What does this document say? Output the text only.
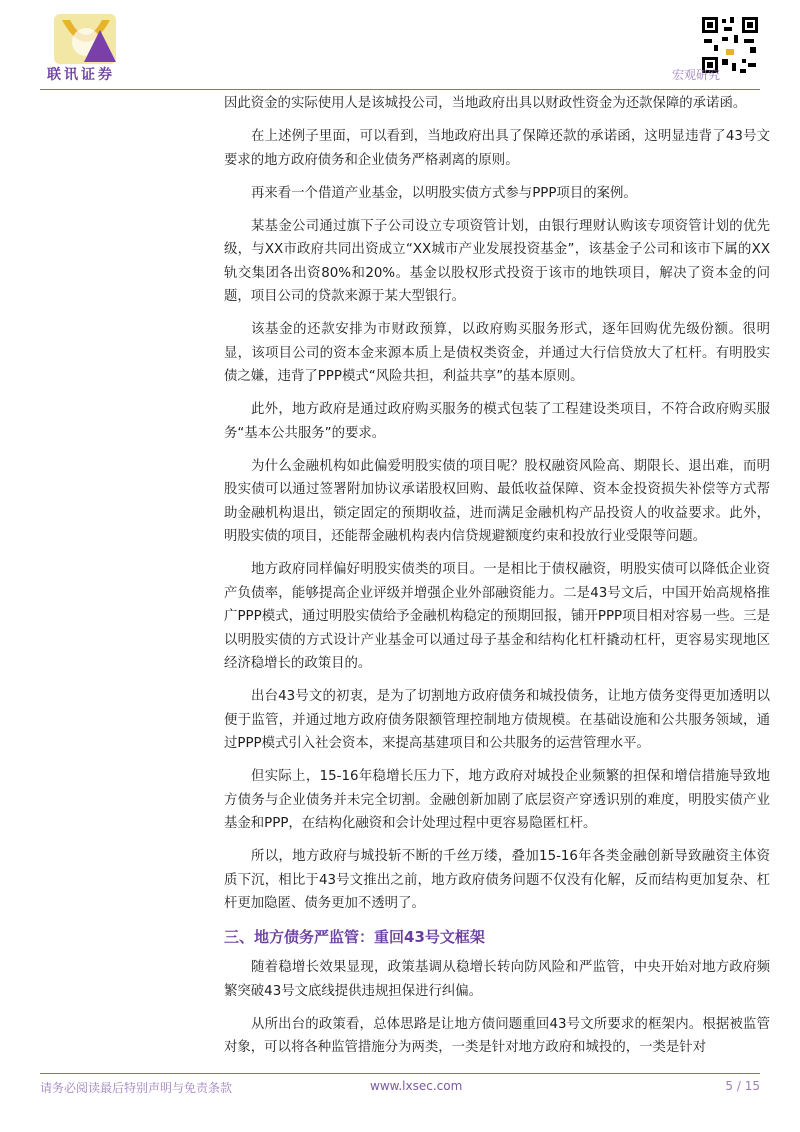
联讯证券	宏观研究

因此资金的实际使用人是该城投公司，当地政府出具以财政性资金为还款保障的承诺函。

在上述例子里面，可以看到，当地政府出具了保障还款的承诺函，这明显违背了43号文要求的地方政府债务和企业债务严格剥离的原则。

再来看一个借道产业基金，以明股实债方式参与PPP项目的案例。

某基金公司通过旗下子公司设立专项资管计划，由银行理财认购该专项资管计划的优先级，与XX市政府共同出资成立“XX城市产业发展投资基金”，该基金子公司和该市下属的XX轨交集团各出资80%和20%。基金以股权形式投资于该市的地铁项目，解决了资本金的问题，项目公司的贷款来源于某大型银行。

该基金的还款安排为市财政预算，以政府购买服务形式，逐年回购优先级份额。很明显，该项目公司的资本金来源本质上是债权类资金，并通过大行信贷放大了杠杆。有明股实债之嫌，违背了PPP模式“风险共担，利益共享”的基本原则。

此外，地方政府是通过政府购买服务的模式包装了工程建设类项目，不符合政府购买服务“基本公共服务”的要求。

为什么金融机构如此偏爱明股实债的项目呢？股权融资风险高、期限长、退出难，而明股实债可以通过签署附加协议承诺股权回购、最低收益保障、资本金投资损失补偿等方式帮助金融机构退出，锁定固定的预期收益，进而满足金融机构产品投资人的收益要求。此外，明股实债的项目，还能帮金融机构表内信贷规避额度约束和投放行业受限等问题。

地方政府同样偏好明股实债类的项目。一是相比于债权融资，明股实债可以降低企业资产负债率，能够提高企业评级并增强企业外部融资能力。二是43号文后，中国开始高规格推广PPP模式，通过明股实债给予金融机构稳定的预期回报，铺开PPP项目相对容易一些。三是以明股实债的方式设计产业基金可以通过母子基金和结构化杠杆撬动杠杆，更容易实现地区经济稳增长的政策目的。

出台43号文的初衷，是为了切割地方政府债务和城投债务，让地方债务变得更加透明以便于监管，并通过地方政府债务限额管理控制地方债规模。在基础设施和公共服务领域，通过PPP模式引入社会资本，来提高基建项目和公共服务的运营管理水平。

但实际上，15-16年稳增长压力下，地方政府对城投企业频繁的担保和增信措施导致地方债务与企业债务并未完全切割。金融创新加剧了底层资产穿透识别的难度，明股实债产业基金和PPP，在结构化融资和会计处理过程中更容易隐匿杠杆。

所以，地方政府与城投斩不断的千丝万缕，叠加15-16年各类金融创新导致融资主体资质下沉，相比于43号文推出之前，地方政府债务问题不仅没有化解，反而结构更加复杂、杠杆更加隐匿、债务更加不透明了。

三、地方债务严监管：重回43号文框架

随着稳增长效果显现，政策基调从稳增长转向防风险和严监管，中央开始对地方政府频繁突破43号文底线提供违规担保进行纠偏。

从所出台的政策看，总体思路是让地方债问题重回43号文所要求的框架内。根据被监管对象，可以将各种监管措施分为两类，一类是针对地方政府和城投的，一类是针对

请务必阅读最后特别声明与免责条款	www.lxsec.com	5 / 15
